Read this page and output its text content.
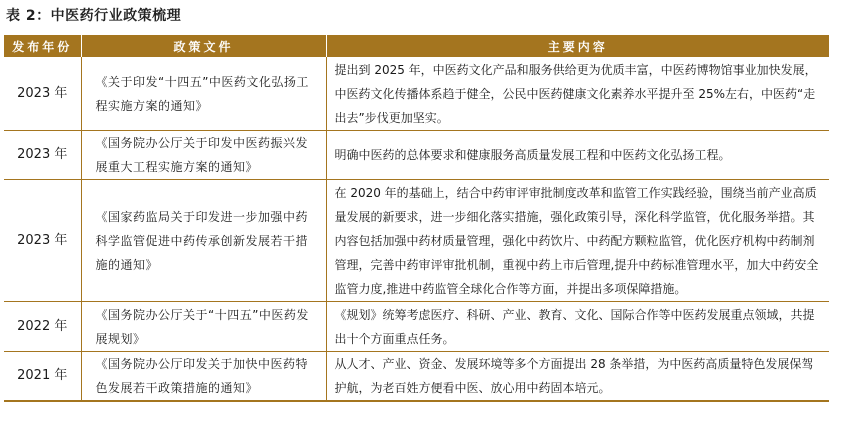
表 2：中医药行业政策梳理
发布年份	政策文件	主要内容
2023 年	《关于印发“十四五”中医药文化弘扬工程实施方案的通知》	提出到 2025 年，中医药文化产品和服务供给更为优质丰富，中医药博物馆事业加快发展，中医药文化传播体系趋于健全，公民中医药健康文化素养水平提升至 25%左右，中医药“走出去”步伐更加坚实。
2023 年	《国务院办公厅关于印发中医药振兴发展重大工程实施方案的通知》	明确中医药的总体要求和健康服务高质量发展工程和中医药文化弘扬工程。
2023 年	《国家药监局关于印发进一步加强中药科学监管促进中药传承创新发展若干措施的通知》	在 2020 年的基础上，结合中药审评审批制度改革和监管工作实践经验，围绕当前产业高质量发展的新要求，进一步细化落实措施，强化政策引导，深化科学监管，优化服务举措。其内容包括加强中药材质量管理，强化中药饮片、中药配方颗粒监管，优化医疗机构中药制剂管理，完善中药审评审批机制，重视中药上市后管理,提升中药标准管理水平，加大中药安全监管力度,推进中药监管全球化合作等方面，并提出多项保障措施。
2022 年	《国务院办公厅关于“十四五”中医药发展规划》	《规划》统筹考虑医疗、科研、产业、教育、文化、国际合作等中医药发展重点领域，共提出十个方面重点任务。
2021 年	《国务院办公厅印发关于加快中医药特色发展若干政策措施的通知》	从人才、产业、资金、发展环境等多个方面提出 28 条举措，为中医药高质量特色发展保驾护航，为老百姓方便看中医、放心用中药固本培元。
